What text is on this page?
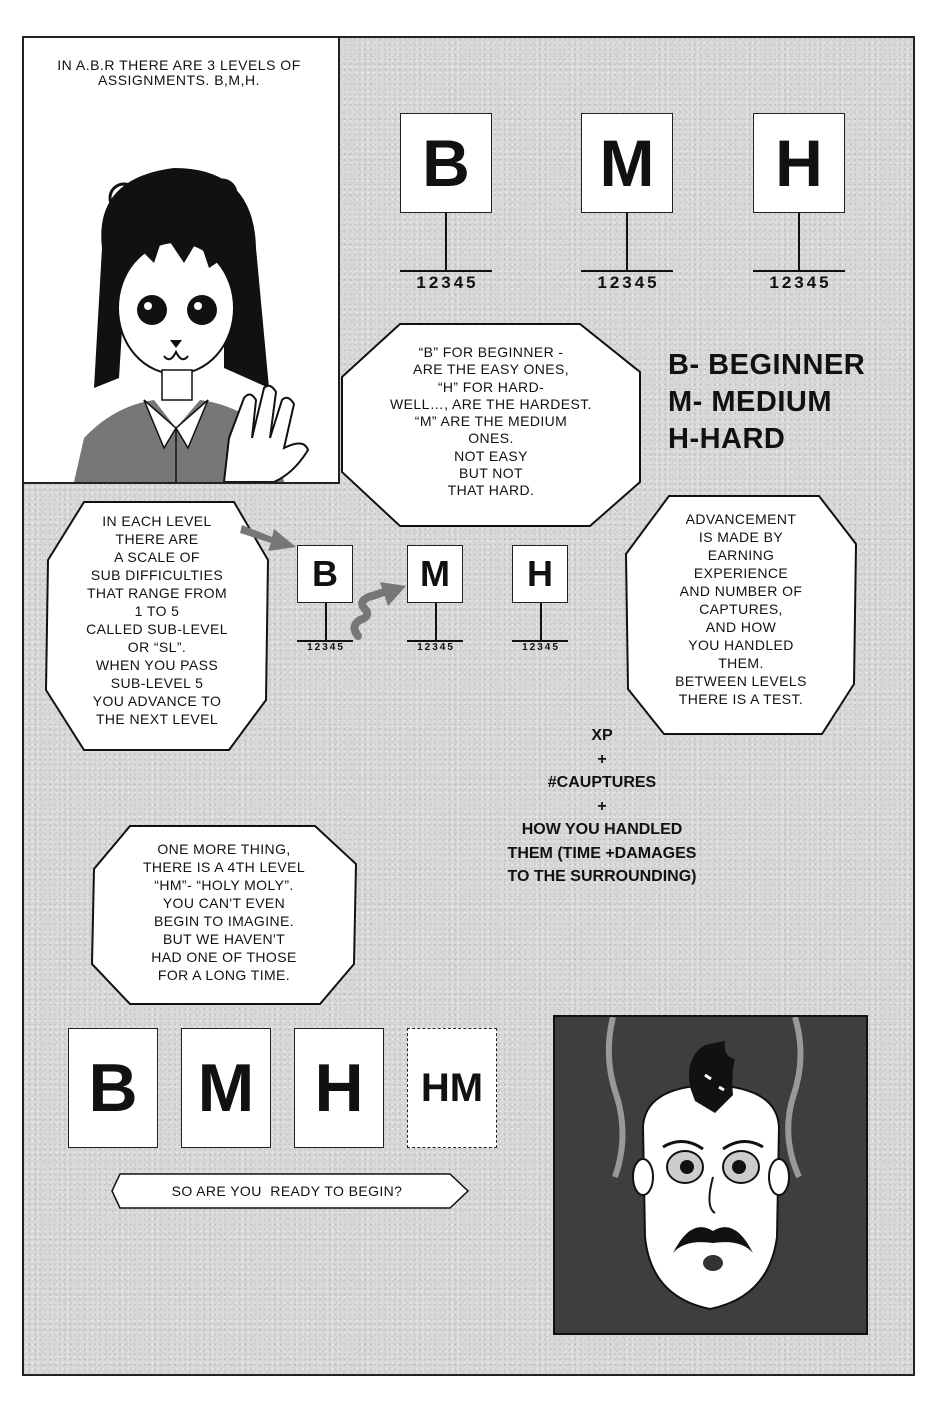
IN A.B.R THERE ARE 3 LEVELS OF ASSIGNMENTS. B,M,H.
B
12345
M
12345
H
12345
“B” FOR BEGINNER -
ARE THE EASY ONES,
“H” FOR HARD-
WELL…, ARE THE HARDEST.
“M” ARE THE MEDIUM
ONES.
NOT EASY
BUT NOT
THAT HARD.
B- BEGINNER
M- MEDIUM
H-HARD
IN EACH LEVEL
THERE ARE
A SCALE OF
SUB DIFFICULTIES
THAT RANGE FROM
1 TO 5
CALLED SUB-LEVEL
OR “SL”.
WHEN YOU PASS
SUB-LEVEL 5
YOU ADVANCE TO
THE NEXT LEVEL
B
12345
M
12345
H
12345
ADVANCEMENT
IS MADE BY
EARNING
EXPERIENCE
AND NUMBER OF
CAPTURES,
AND HOW
YOU HANDLED
THEM.
BETWEEN LEVELS
THERE IS A TEST.
XP
+
#CAUPTURES
+
HOW YOU HANDLED
THEM (TIME +DAMAGES
TO THE SURROUNDING)
ONE MORE THING,
THERE IS A 4TH LEVEL
“HM”- “HOLY MOLY”.
YOU CAN'T EVEN
BEGIN TO IMAGINE.
BUT WE HAVEN'T
HAD ONE OF THOSE
FOR A LONG TIME.
B M H	HM
SO ARE YOU  READY TO BEGIN?
